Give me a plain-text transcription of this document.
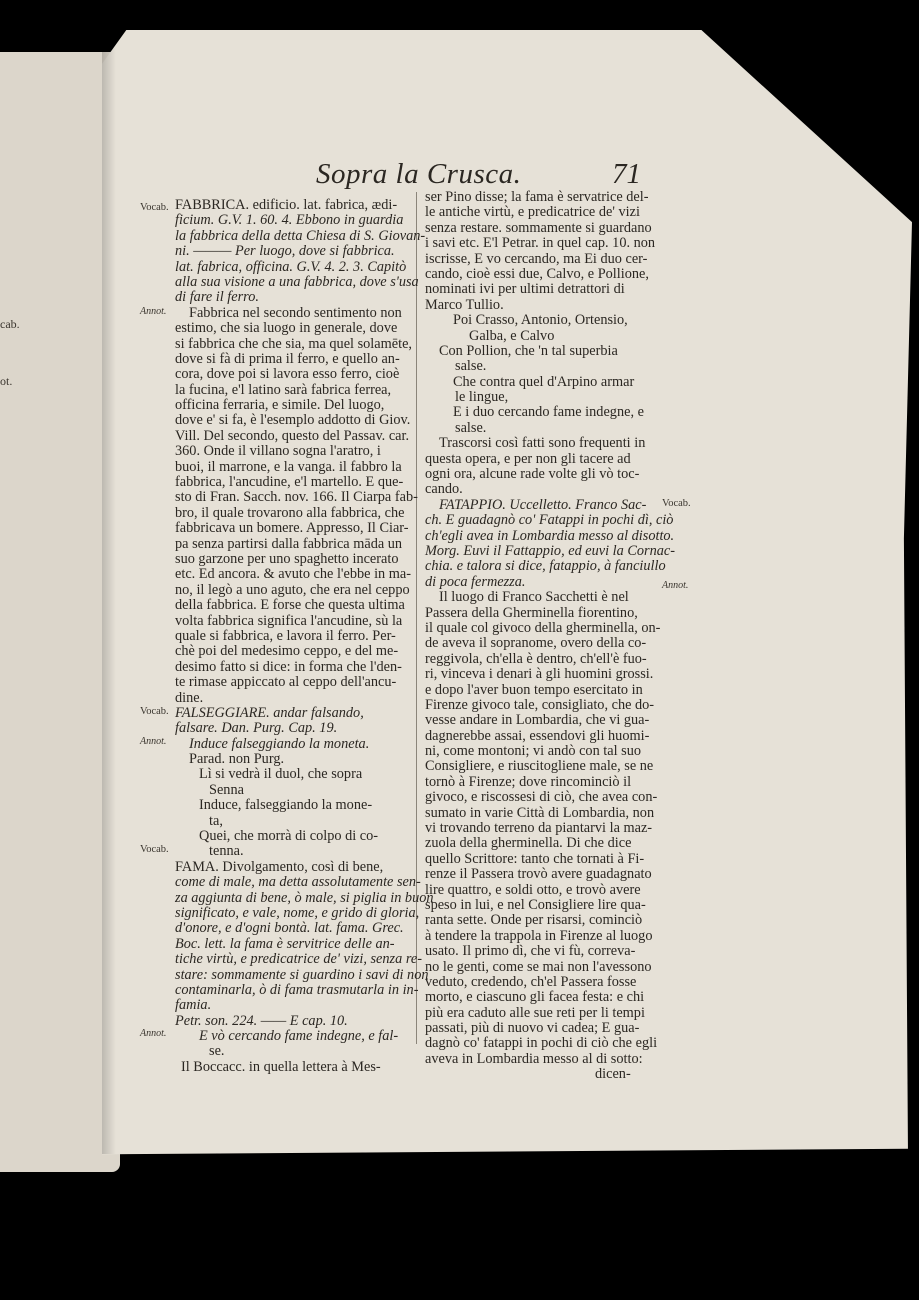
cab.
ot.
Sopra la Crusca.	71
Vocab.
Annot.
Vocab.
Annot.
Vocab.
Annot.
Vocab.
Annot.
FABBRICA. edificio. lat. fabrica, ædi-
ficium. G.V. 1. 60. 4. Ebbono in guardia
la fabbrica della detta Chiesa di S. Giovan-
ni. ——— Per luogo, dove si fabbrica.
lat. fabrica, officina. G.V. 4. 2. 3. Capitò
alla sua visione a una fabbrica, dove s'usa
di fare il ferro.
Fabbrica nel secondo sentimento non
estimo, che sia luogo in generale, dove
si fabbrica che che sia, ma quel solamēte,
dove si fà di prima il ferro, e quello an-
cora, dove poi si lavora esso ferro, cioè
la fucina, e'l latino sarà fabrica ferrea,
officina ferraria, e simile. Del luogo,
dove e' si fa, è l'esemplo addotto di Giov.
Vill. Del secondo, questo del Passav. car.
360. Onde il villano sogna l'aratro, i
buoi, il marrone, e la vanga. il fabbro la
fabbrica, l'ancudine, e'l martello. E que-
sto di Fran. Sacch. nov. 166. Il Ciarpa fab-
bro, il quale trovarono alla fabbrica, che
fabbricava un bomere. Appresso, Il Ciar-
pa senza partirsi dalla fabbrica māda un
suo garzone per uno spaghetto incerato
etc. Ed ancora. & avuto che l'ebbe in ma-
no, il legò a uno aguto, che era nel ceppo
della fabbrica. E forse che questa ultima
volta fabbrica significa l'ancudine, sù la
quale si fabbrica, e lavora il ferro. Per-
chè poi del medesimo ceppo, e del me-
desimo fatto si dice: in forma che l'den-
te rimase appiccato al ceppo dell'ancu-
dine.
FALSEGGIARE. andar falsando,
falsare. Dan. Purg. Cap. 19.
Induce falseggiando la moneta.
Parad. non Purg.
Lì si vedrà il duol, che sopra
Senna
Induce, falseggiando la mone-
ta,
Quei, che morrà di colpo di co-
tenna.
FAMA. Divolgamento, così di bene,
come di male, ma detta assolutamente sen-
za aggiunta di bene, ò male, si piglia in buon
significato, e vale, nome, e grido di gloria,
d'onore, e d'ogni bontà. lat. fama. Grec.
Boc. lett. la fama è servitrice delle an-
tiche virtù, e predicatrice de' vizi, senza re-
stare: sommamente si guardino i savi di non
contaminarla, ò di fama trasmutarla in in-
famia.
Petr. son. 224. —— E cap. 10.
E vò cercando fame indegne, e fal-
se.
Il Boccacc. in quella lettera à Mes-
ser Pino disse; la fama è servatrice del-
le antiche virtù, e predicatrice de' vizi
senza restare. sommamente si guardano
i savi etc. E'l Petrar. in quel cap. 10. non
iscrisse, E vo cercando, ma Ei duo cer-
cando, cioè essi due, Calvo, e Pollione,
nominati ivi per ultimi detrattori di
Marco Tullio.
Poi Crasso, Antonio, Ortensio,
Galba, e Calvo
Con Pollion, che 'n tal superbia
salse.
Che contra quel d'Arpino armar
le lingue,
E i duo cercando fame indegne, e
salse.
Trascorsi così fatti sono frequenti in
questa opera, e per non gli tacere ad
ogni ora, alcune rade volte gli vò toc-
cando.
FATAPPIO. Uccelletto. Franco Sac-
ch. E guadagnò co' Fatappi in pochi dì, ciò
ch'egli avea in Lombardia messo al disotto.
Morg. Euvi il Fattappio, ed euvi la Cornac-
chia. e talora si dice, fatappio, à fanciullo
di poca fermezza.
Il luogo di Franco Sacchetti è nel
Passera della Gherminella fiorentino,
il quale col givoco della gherminella, on-
de aveva il sopranome, overo della co-
reggivola, ch'ella è dentro, ch'ell'è fuo-
ri, vinceva i denari à gli huomini grossi.
e dopo l'aver buon tempo esercitato in
Firenze givoco tale, consigliato, che do-
vesse andare in Lombardia, che vi gua-
dagnerebbe assai, essendovi gli huomi-
ni, come montoni; vi andò con tal suo
Consigliere, e riuscitogliene male, se ne
tornò à Firenze; dove rincominciò il
givoco, e riscossesi di ciò, che avea con-
sumato in varie Città di Lombardia, non
vi trovando terreno da piantarvi la maz-
zuola della gherminella. Di che dice
quello Scrittore: tanto che tornati à Fi-
renze il Passera trovò avere guadagnato
lire quattro, e soldi otto, e trovò avere
speso in lui, e nel Consigliere lire qua-
ranta sette. Onde per risarsi, cominciò
à tendere la trappola in Firenze al luogo
usato. Il primo dì, che vi fù, correva-
no le genti, come se mai non l'avessono
veduto, credendo, ch'el Passera fosse
morto, e ciascuno gli facea festa: e chi
più era caduto alle sue reti per li tempi
passati, più di nuovo vi cadea; E gua-
dagnò co' fatappi in pochi di ciò che egli
aveva in Lombardia messo al di sotto:
dicen-
